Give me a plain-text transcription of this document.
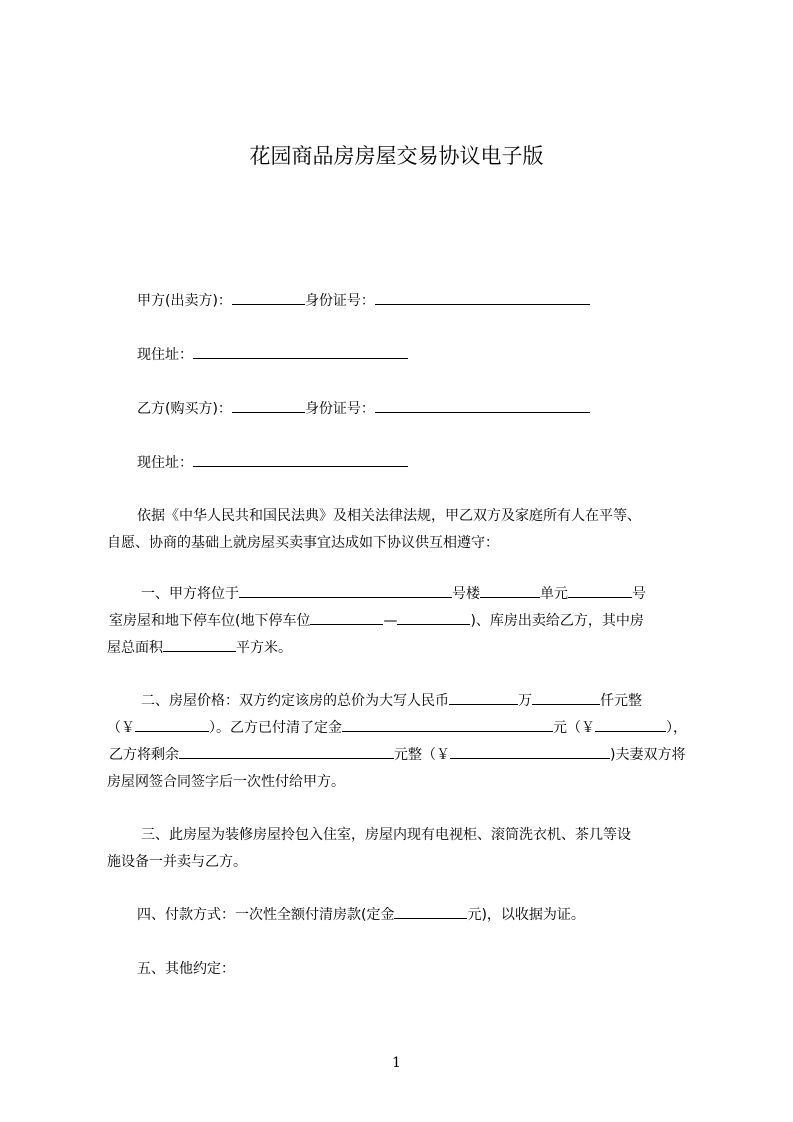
花园商品房房屋交易协议电子版
甲方(出卖方)：	身份证号：
现住址：
乙方(购买方)：	身份证号：
现住址：
依据《中华人民共和国民法典》及相关法律法规，甲乙双方及家庭所有人在平等、
自愿、协商的基础上就房屋买卖事宜达成如下协议供互相遵守：
一、甲方将位于	号楼	单元	号
室房屋和地下停车位(地下停车位	—	)、库房出卖给乙方，其中房
屋总面积	平方米。
二、房屋价格：双方约定该房的总价为大写人民币	万	仟元整
（￥	）。乙方已付清了定金	元（￥	），
乙方将剩余	元整（￥	)夫妻双方将
房屋网签合同签字后一次性付给甲方。
三、此房屋为装修房屋拎包入住室，房屋内现有电视柜、滚筒洗衣机、茶几等设
施设备一并卖与乙方。
四、付款方式：一次性全额付清房款(定金	元)，以收据为证。
五、其他约定：
1
